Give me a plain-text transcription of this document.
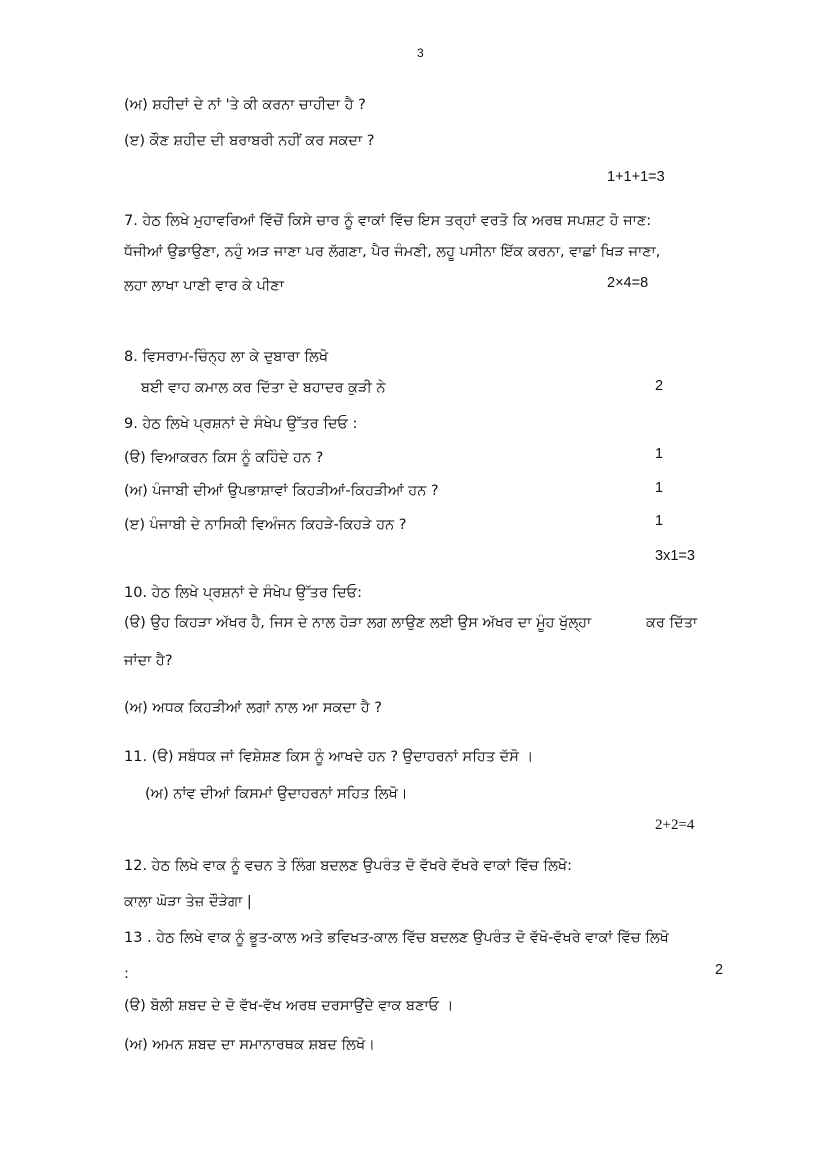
3
(ਅ) ਸ਼ਹੀਦਾਂ ਦੇ ਨਾਂ 'ਤੇ ਕੀ ਕਰਨਾ ਚਾਹੀਦਾ ਹੈ ?
(ੲ) ਕੌਣ ਸ਼ਹੀਦ ਦੀ ਬਰਾਬਰੀ ਨਹੀਂ ਕਰ ਸਕਦਾ ?
1+1+1=3
7. ਹੇਠ ਲਿਖੇ ਮੁਹਾਵਰਿਆਂ ਵਿੱਚੋਂ ਕਿਸੇ ਚਾਰ ਨੂੰ ਵਾਕਾਂ ਵਿੱਚ ਇਸ ਤਰ੍ਹਾਂ ਵਰਤੋ ਕਿ ਅਰਥ ਸਪਸ਼ਟ ਹੋ ਜਾਣ:
ਧੱਜੀਆਂ ਉਡਾਉਣਾ, ਨਹੁੰ ਅੜ ਜਾਣਾ ਪਰ ਲੱਗਣਾ, ਪੈਰ ਜੰਮਣੀ, ਲਹੂ ਪਸੀਨਾ ਇੱਕ ਕਰਨਾ, ਵਾਛਾਂ ਖਿੜ ਜਾਣਾ,
ਲਹਾ ਲਾਖਾ ਪਾਣੀ ਵਾਰ ਕੇ ਪੀਣਾ	2×4=8
8. ਵਿਸਰਾਮ-ਚਿੰਨ੍ਹ ਲਾ ਕੇ ਦੁਬਾਰਾ ਲਿਖੋ
ਬਈ ਵਾਹ ਕਮਾਲ ਕਰ ਦਿੱਤਾ ਦੇ ਬਹਾਦਰ ਕੁੜੀ ਨੇ	2
9. ਹੇਠ ਲਿਖੇ ਪ੍ਰਸ਼ਨਾਂ ਦੇ ਸੰਖੇਪ ਉੱਤਰ ਦਿਓ :
(ੳ) ਵਿਆਕਰਨ ਕਿਸ ਨੂੰ ਕਹਿੰਦੇ ਹਨ ?	1
(ਅ) ਪੰਜਾਬੀ ਦੀਆਂ ਉਪਭਾਸ਼ਾਵਾਂ ਕਿਹੜੀਆਂ-ਕਿਹੜੀਆਂ ਹਨ ?	1
(ੲ) ਪੰਜਾਬੀ ਦੇ ਨਾਸਿਕੀ ਵਿਅੰਜਨ ਕਿਹੜੇ-ਕਿਹੜੇ ਹਨ ?	1
3x1=3
10. ਹੇਠ ਲਿਖੇ ਪ੍ਰਸ਼ਨਾਂ ਦੇ ਸੰਖੇਪ ਉੱਤਰ ਦਿਓ:
(ੳ) ਉਹ ਕਿਹੜਾ ਅੱਖਰ ਹੈ, ਜਿਸ ਦੇ ਨਾਲ ਹੋੜਾ ਲਗ ਲਾਉਣ ਲਈ ਉਸ ਅੱਖਰ ਦਾ ਮੂੰਹ ਖੁੱਲ੍ਹਾ	ਕਰ ਦਿੱਤਾ
ਜਾਂਦਾ ਹੈ?
(ਅ) ਅਧਕ ਕਿਹੜੀਆਂ ਲਗਾਂ ਨਾਲ ਆ ਸਕਦਾ ਹੈ ?
11. (ੳ) ਸਬੰਧਕ ਜਾਂ ਵਿਸ਼ੇਸ਼ਣ ਕਿਸ ਨੂੰ ਆਖਦੇ ਹਨ ? ਉਦਾਹਰਨਾਂ ਸਹਿਤ ਦੱਸੋ ।
(ਅ) ਨਾਂਵ ਦੀਆਂ ਕਿਸਮਾਂ ਉਦਾਹਰਨਾਂ ਸਹਿਤ ਲਿਖੋ।
2+2=4
12. ਹੇਠ ਲਿਖੇ ਵਾਕ ਨੂੰ ਵਚਨ ਤੇ ਲਿੰਗ ਬਦਲਣ ਉਪਰੰਤ ਦੋ ਵੱਖਰੇ ਵੱਖਰੇ ਵਾਕਾਂ ਵਿੱਚ ਲਿਖੋ:
ਕਾਲਾ ਘੋੜਾ ਤੇਜ਼ ਦੌੜੇਗਾ |
13 . ਹੇਠ ਲਿਖੇ ਵਾਕ ਨੂੰ ਭੂਤ-ਕਾਲ ਅਤੇ ਭਵਿਖਤ-ਕਾਲ ਵਿੱਚ ਬਦਲਣ ਉਪਰੰਤ ਦੋ ਵੱਖੋ-ਵੱਖਰੇ ਵਾਕਾਂ ਵਿੱਚ ਲਿਖੋ
:	2
(ੳ) ਬੋਲੀ ਸ਼ਬਦ ਦੇ ਦੋ ਵੱਖ-ਵੱਖ ਅਰਥ ਦਰਸਾਉਂਦੇ ਵਾਕ ਬਣਾਓ ।
(ਅ) ਅਮਨ ਸ਼ਬਦ ਦਾ ਸਮਾਨਾਰਥਕ ਸ਼ਬਦ ਲਿਖੋ।
